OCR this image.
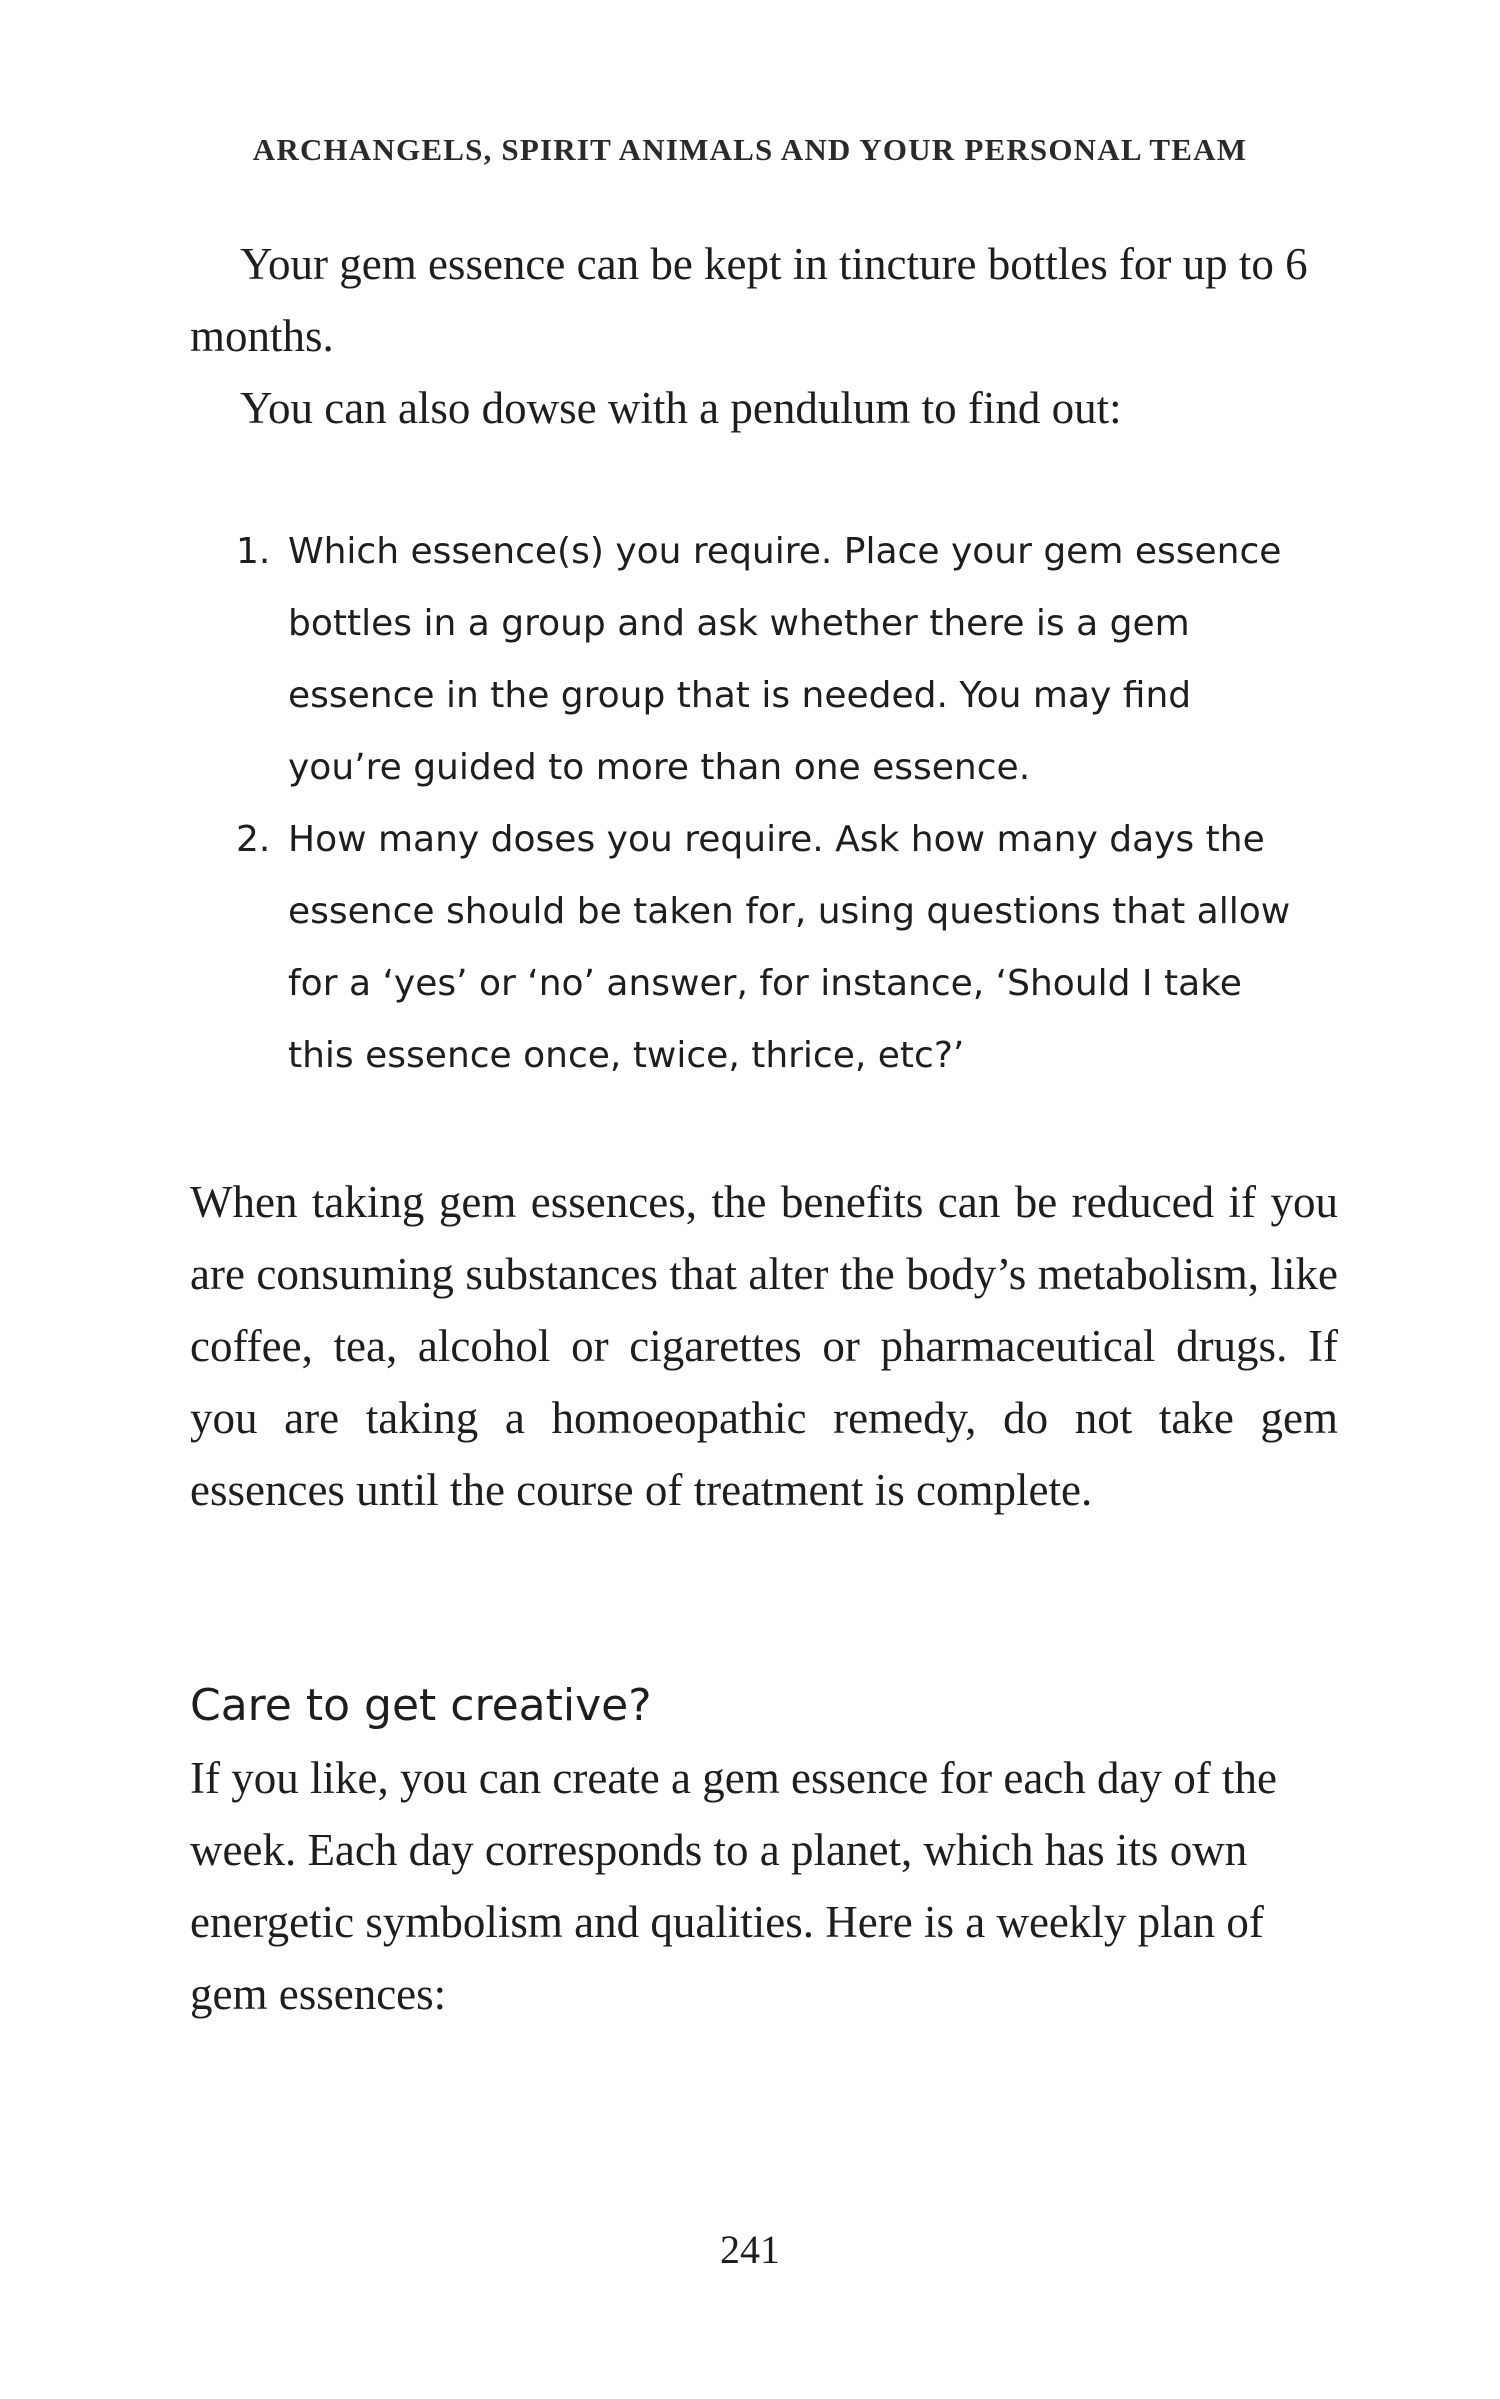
ARCHANGELS, SPIRIT ANIMALS AND YOUR PERSONAL TEAM

Your gem essence can be kept in tincture bottles for up to 6 months.

You can also dowse with a pendulum to find out:

1. Which essence(s) you require. Place your gem essence bottles in a group and ask whether there is a gem essence in the group that is needed. You may find you’re guided to more than one essence.
2. How many doses you require. Ask how many days the essence should be taken for, using questions that allow for a ‘yes’ or ‘no’ answer, for instance, ‘Should I take this essence once, twice, thrice, etc?’

When taking gem essences, the benefits can be reduced if you are consuming substances that alter the body’s metabolism, like coffee, tea, alcohol or cigarettes or pharmaceutical drugs. If you are taking a homoeopathic remedy, do not take gem essences until the course of treatment is complete.

Care to get creative?

If you like, you can create a gem essence for each day of the week. Each day corresponds to a planet, which has its own energetic symbolism and qualities. Here is a weekly plan of gem essences:

241
